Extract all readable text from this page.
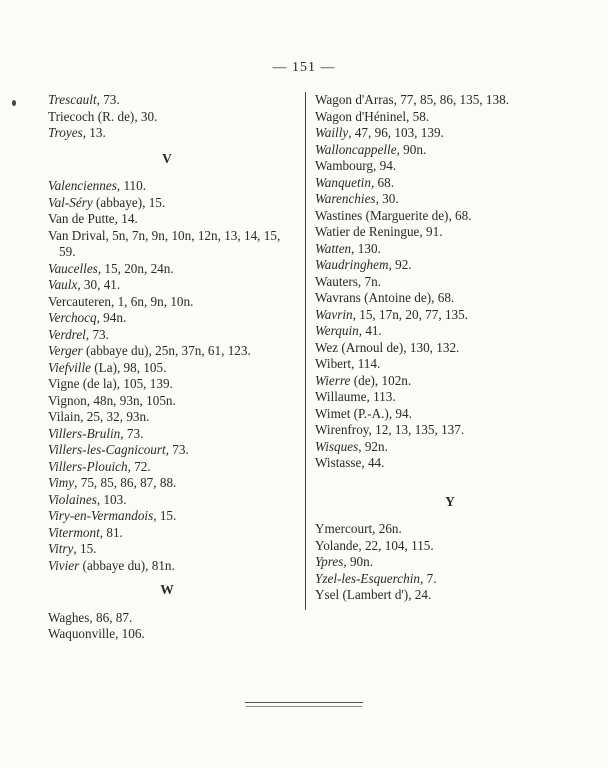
— 151 —
Trescault, 73.
Triecoch (R. de), 30.
Troyes, 13.
V
Valenciennes, 110.
Val-Séry (abbaye), 15.
Van de Putte, 14.
Van Drival, 5n, 7n, 9n, 10n, 12n, 13, 14, 15, 59.
Vaucelles, 15, 20n, 24n.
Vaulx, 30, 41.
Vercauteren, 1, 6n, 9n, 10n.
Verchocq, 94n.
Verdrel, 73.
Verger (abbaye du), 25n, 37n, 61, 123.
Viefville (La), 98, 105.
Vigne (de la), 105, 139.
Vignon, 48n, 93n, 105n.
Vilain, 25, 32, 93n.
Villers-Brulin, 73.
Villers-les-Cagnicourt, 73.
Villers-Plouich, 72.
Vimy, 75, 85, 86, 87, 88.
Violaines, 103.
Viry-en-Vermandois, 15.
Vitermont, 81.
Vitry, 15.
Vivier (abbaye du), 81n.
W
Waghes, 86, 87.
Waquonville, 106.
Wagon d'Arras, 77, 85, 86, 135, 138.
Wagon d'Héninel, 58.
Wailly, 47, 96, 103, 139.
Walloncappelle, 90n.
Wambourg, 94.
Wanquetin, 68.
Warenchies, 30.
Wastines (Marguerite de), 68.
Watier de Reningue, 91.
Watten, 130.
Waudringhem, 92.
Wauters, 7n.
Wavrans (Antoine de), 68.
Wavrin, 15, 17n, 20, 77, 135.
Werquin, 41.
Wez (Arnoul de), 130, 132.
Wibert, 114.
Wierre (de), 102n.
Willaume, 113.
Wimet (P.-A.), 94.
Wirenfroy, 12, 13, 135, 137.
Wisques, 92n.
Wistasse, 44.
Y
Ymercourt, 26n.
Yolande, 22, 104, 115.
Ypres, 90n.
Yzel-les-Esquerchin, 7.
Ysel (Lambert d'), 24.
